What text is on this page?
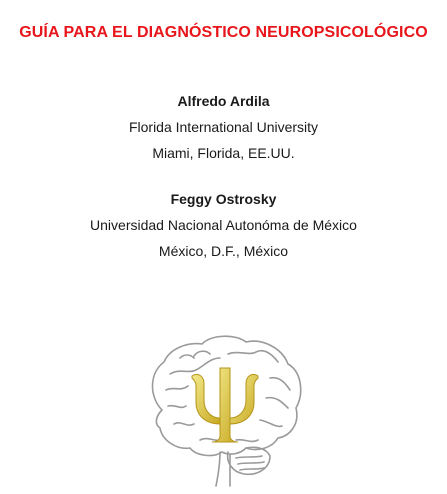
GUÍA PARA EL DIAGNÓSTICO NEUROPSICOLÓGICO
Alfredo Ardila
Florida International University
Miami, Florida, EE.UU.
Feggy Ostrosky
Universidad Nacional Autonóma de México
México, D.F., México
